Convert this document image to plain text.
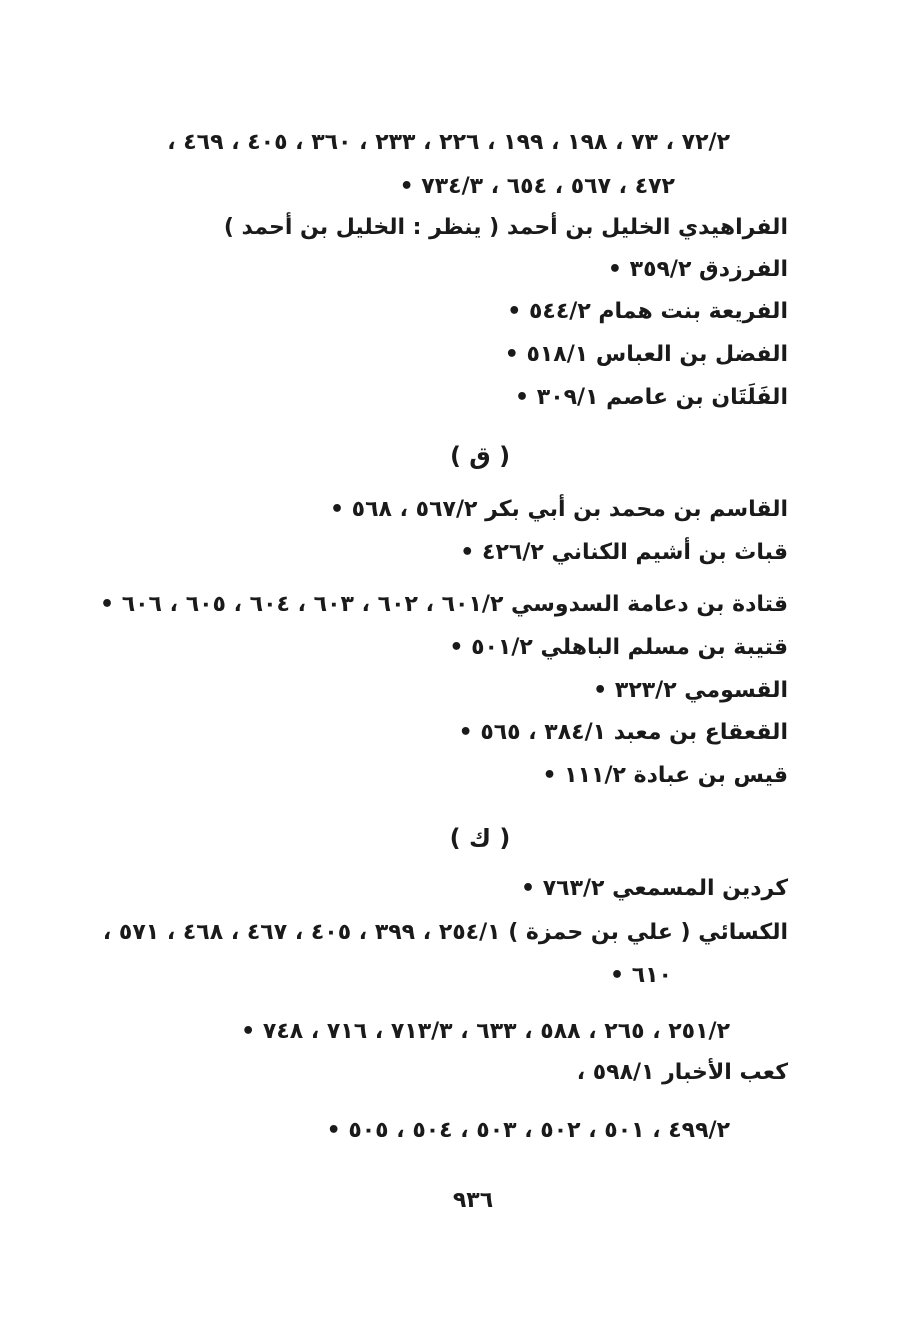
٧٢/٢ ، ٧٣ ، ١٩٨ ، ١٩٩ ، ٢٢٦ ، ٢٣٣ ، ٣٦٠ ، ٤٠٥ ، ٤٦٩ ،
٤٧٢ ، ٥٦٧ ، ٦٥٤ ، ٧٣٤/٣ •
الفراهيدي الخليل بن أحمد ( ينظر : الخليل بن أحمد )
الفرزدق ٣٥٩/٢ •
الفريعة بنت همام ٥٤٤/٢ •
الفضل بن العباس ٥١٨/١ •
الفَلَتَان بن عاصم ٣٠٩/١ •
( ق )
القاسم بن محمد بن أبي بكر ٥٦٧/٢ ، ٥٦٨ •
قباث بن أشيم الكناني ٤٢٦/٢ •
قتادة بن دعامة السدوسي ٦٠١/٢ ، ٦٠٢ ، ٦٠٣ ، ٦٠٤ ، ٦٠٥ ، ٦٠٦ •
قتيبة بن مسلم الباهلي ٥٠١/٢ •
القسومي ٣٢٣/٢ •
القعقاع بن معبد ٣٨٤/١ ، ٥٦٥ •
قيس بن عبادة ١١١/٢ •
( ك )
كردين المسمعي ٧٦٣/٢ •
الكسائي ( علي بن حمزة ) ٢٥٤/١ ، ٣٩٩ ، ٤٠٥ ، ٤٦٧ ، ٤٦٨ ، ٥٧١ ،
٦١٠ •
٢٥١/٢ ، ٢٦٥ ، ٥٨٨ ، ٦٣٣ ، ٧١٣/٣ ، ٧١٦ ، ٧٤٨ •
كعب الأخبار ٥٩٨/١ ،
٤٩٩/٢ ، ٥٠١ ، ٥٠٢ ، ٥٠٣ ، ٥٠٤ ، ٥٠٥ •
٩٣٦
